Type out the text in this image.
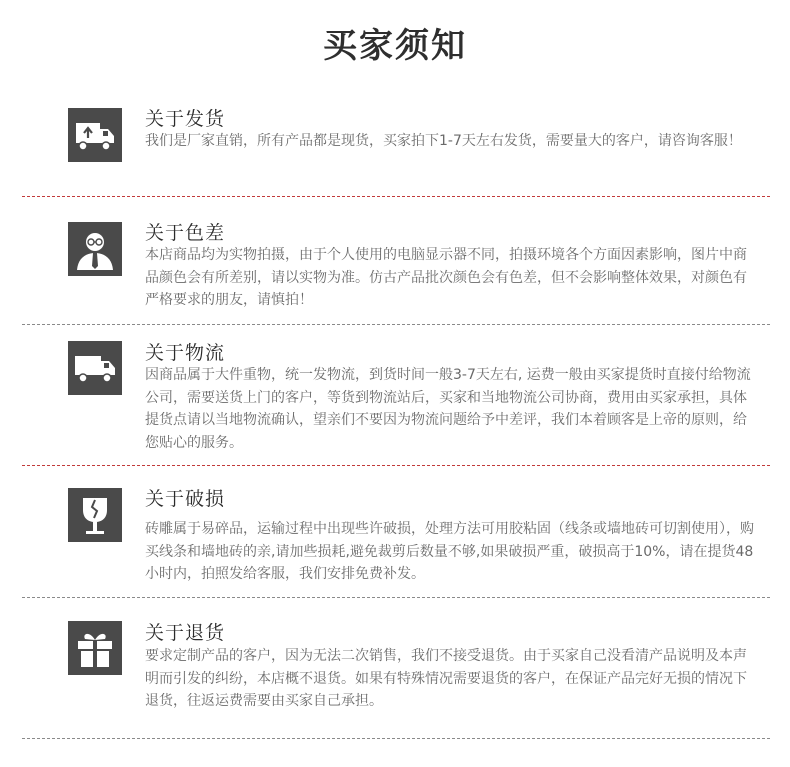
买家须知
关于发货
我们是厂家直销，所有产品都是现货，买家拍下1-7天左右发货，需要量大的客户，请咨询客服！
关于色差
本店商品均为实物拍摄，由于个人使用的电脑显示器不同，拍摄环境各个方面因素影响，图片中商品颜色会有所差别，请以实物为准。仿古产品批次颜色会有色差，但不会影响整体效果，对颜色有严格要求的朋友，请慎拍！
关于物流
因商品属于大件重物，统一发物流，到货时间一般3-7天左右, 运费一般由买家提货时直接付给物流公司，需要送货上门的客户，等货到物流站后，买家和当地物流公司协商，费用由买家承担，具体提货点请以当地物流确认，望亲们不要因为物流问题给予中差评，我们本着顾客是上帝的原则，给您贴心的服务。
关于破损
砖雕属于易碎品，运输过程中出现些许破损，处理方法可用胶粘固（线条或墙地砖可切割使用），购买线条和墙地砖的亲,请加些损耗,避免裁剪后数量不够,如果破损严重，破损高于10%，请在提货48小时内，拍照发给客服，我们安排免费补发。
关于退货
要求定制产品的客户，因为无法二次销售，我们不接受退货。由于买家自己没看清产品说明及本声明而引发的纠纷，本店概不退货。如果有特殊情况需要退货的客户，在保证产品完好无损的情况下退货，往返运费需要由买家自己承担。
